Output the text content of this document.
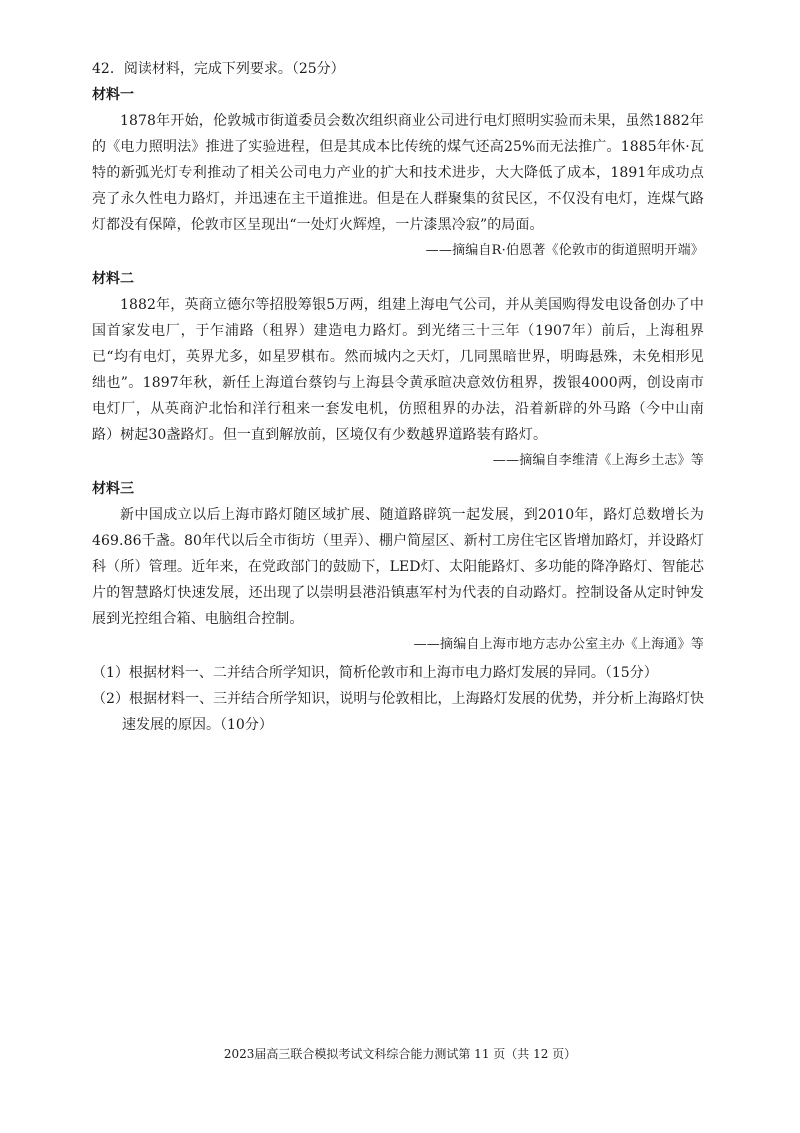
42．阅读材料，完成下列要求。（25分）

材料一

1878年开始，伦敦城市街道委员会数次组织商业公司进行电灯照明实验而未果，虽然1882年的《电力照明法》推进了实验进程，但是其成本比传统的煤气还高25%而无法推广。1885年休·瓦特的新弧光灯专利推动了相关公司电力产业的扩大和技术进步，大大降低了成本，1891年成功点亮了永久性电力路灯，并迅速在主干道推进。但是在人群聚集的贫民区，不仅没有电灯，连煤气路灯都没有保障，伦敦市区呈现出“一处灯火辉煌，一片漆黑冷寂”的局面。

——摘编自R·伯恩著《伦敦市的街道照明开端》

材料二

1882年，英商立德尔等招股筹银5万两，组建上海电气公司，并从美国购得发电设备创办了中国首家发电厂，于乍浦路（租界）建造电力路灯。到光绪三十三年（1907年）前后，上海租界已“均有电灯，英界尤多，如星罗棋布。然而城内之天灯，几同黑暗世界，明晦悬殊，未免相形见绌也”。1897年秋，新任上海道台蔡钧与上海县令黄承暄决意效仿租界，拨银4000两，创设南市电灯厂，从英商沪北怡和洋行租来一套发电机，仿照租界的办法，沿着新辟的外马路（今中山南路）树起30盏路灯。但一直到解放前，区境仅有少数越界道路装有路灯。

——摘编自李维清《上海乡土志》等

材料三

新中国成立以后上海市路灯随区域扩展、随道路辟筑一起发展，到2010年，路灯总数增长为469.86千盏。80年代以后全市街坊（里弄）、棚户简屋区、新村工房住宅区皆增加路灯，并设路灯科（所）管理。近年来，在党政部门的鼓励下，LED灯、太阳能路灯、多功能的降净路灯、智能芯片的智慧路灯快速发展，还出现了以崇明县港沿镇惠军村为代表的自动路灯。控制设备从定时钟发展到光控组合箱、电脑组合控制。

——摘编自上海市地方志办公室主办《上海通》等

（1）根据材料一、二并结合所学知识，简析伦敦市和上海市电力路灯发展的异同。（15分）

（2）根据材料一、三并结合所学知识，说明与伦敦相比，上海路灯发展的优势，并分析上海路灯快速发展的原因。（10分）

2023届高三联合模拟考试文科综合能力测试第 11 页（共 12 页）
